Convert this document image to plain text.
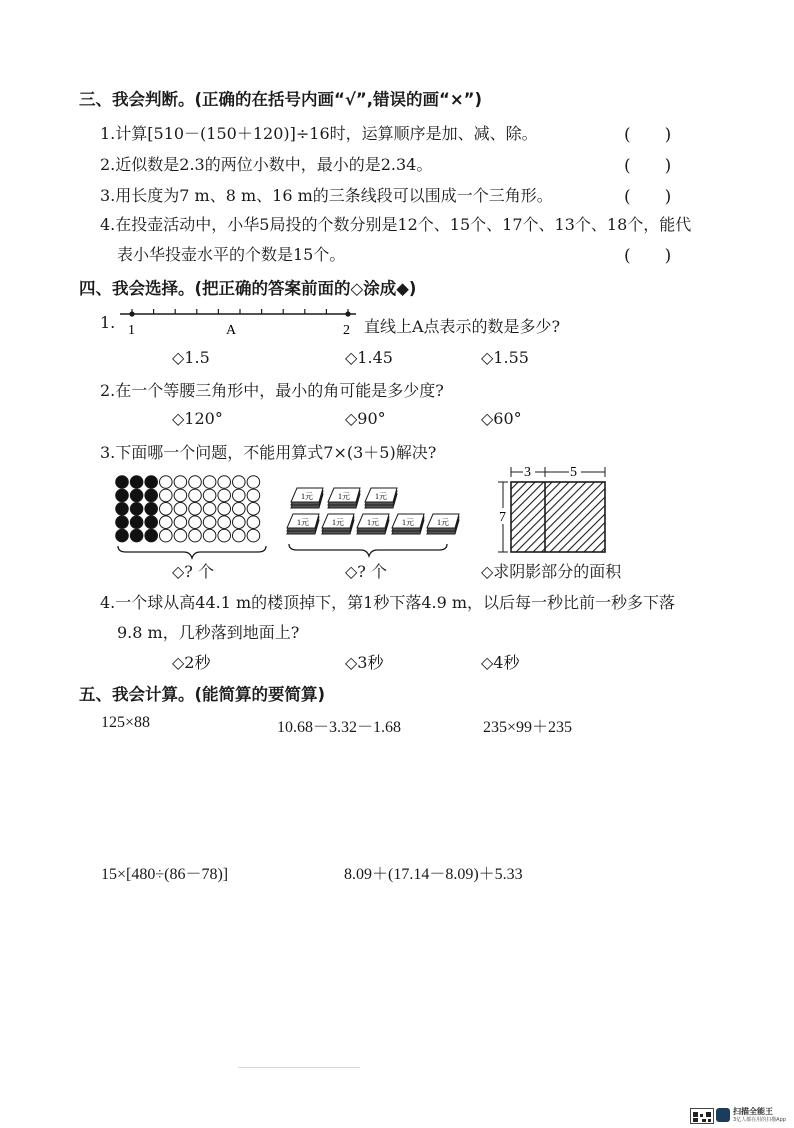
三、我会判断。(正确的在括号内画“√”,错误的画“×”)
1.计算[510－(150＋120)]÷16时，运算顺序是加、减、除。	(　　)
2.近似数是2.3的两位小数中，最小的是2.34。	(　　)
3.用长度为7 m、8 m、16 m的三条线段可以围成一个三角形。	(　　)
4.在投壶活动中，小华5局投的个数分别是12个、15个、17个、13个、18个，能代
表小华投壶水平的个数是15个。	(　　)
四、我会选择。(把正确的答案前面的◇涂成◆)
1. 1	A	2 直线上A点表示的数是多少?
◇1.5	◇1.45	◇1.55
2.在一个等腰三角形中，最小的角可能是多少度?
◇120°	◇90°	◇60°
3.下面哪一个问题，不能用算式7×(3＋5)解决?
1元	1元	1元
1元	1元	1元	1元	1元
3	5
7
◇? 个	◇? 个	◇求阴影部分的面积
4.一个球从高44.1 m的楼顶掉下，第1秒下落4.9 m，以后每一秒比前一秒多下落
9.8 m，几秒落到地面上?
◇2秒	◇3秒	◇4秒
五、我会计算。(能简算的要简算)
125×88	10.68－3.32－1.68	235×99＋235
15×[480÷(86－78)]	8.09＋(17.14－8.09)＋5.33
扫描全能王
3亿人都在用的扫描App
